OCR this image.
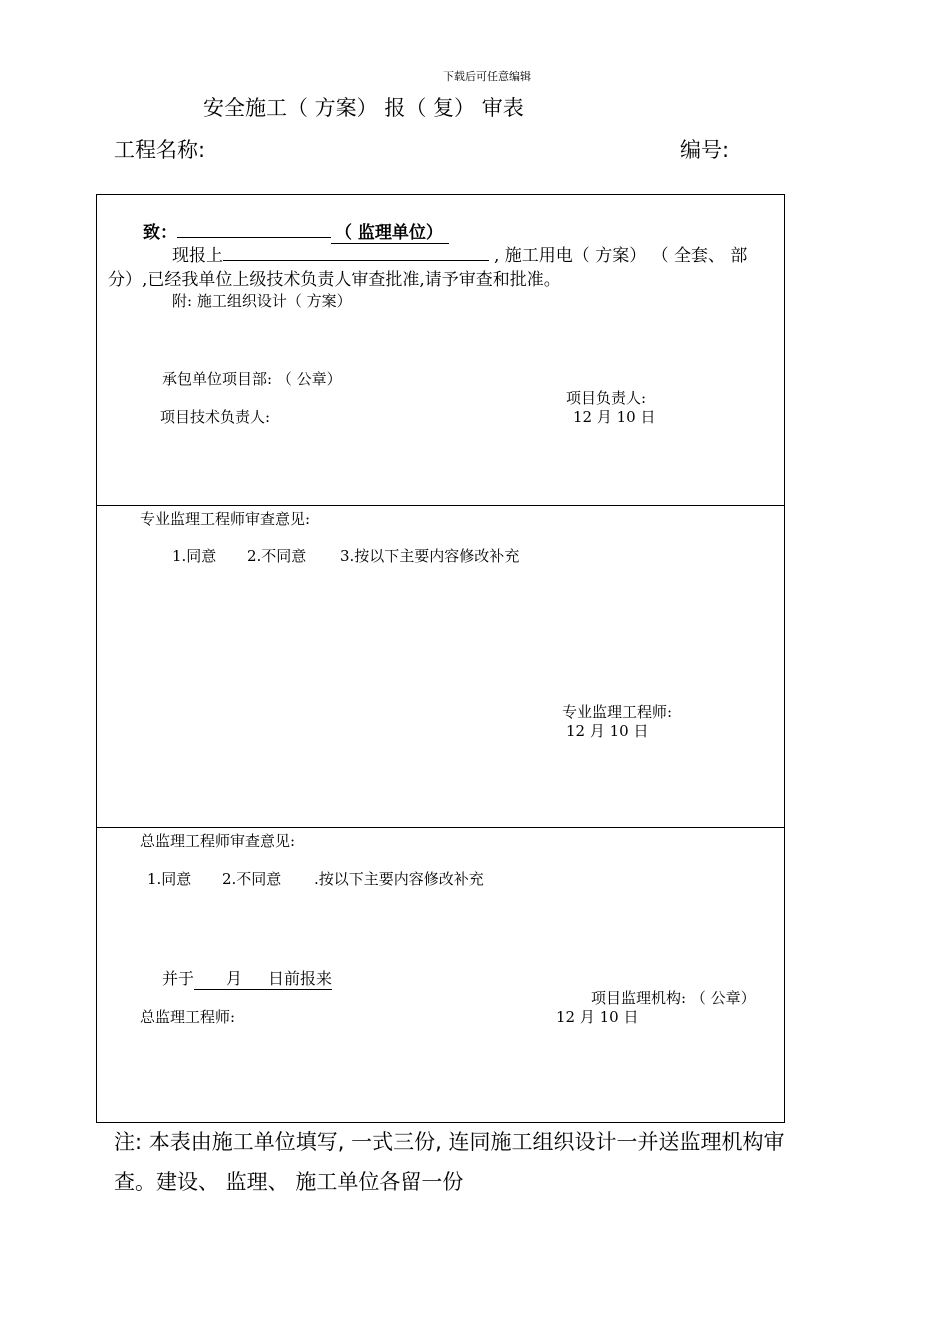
下载后可任意编辑
安全施工（ 方案） 报（ 复） 审表
工程名称:	编号:
致：	（ 监理单位）
现报上	, 施工用电（ 方案） （ 全套、 部
分）,已经我单位上级技术负责人审查批准,请予审查和批准。
附: 施工组织设计（ 方案）
承包单位项目部: （ 公章）
项目负责人:
项目技术负责人:	12 月 10 日
专业监理工程师审查意见:
1.同意 2.不同意 3.按以下主要内容修改补充
专业监理工程师:
12 月 10 日
总监理工程师审查意见:
1.同意 2.不同意 .按以下主要内容修改补充
并于 月 日前报来
项目监理机构: （ 公章）
总监理工程师:	12 月 10 日
注: 本表由施工单位填写, 一式三份, 连同施工组织设计一并送监理机构审
查。建设、 监理、 施工单位各留一份
